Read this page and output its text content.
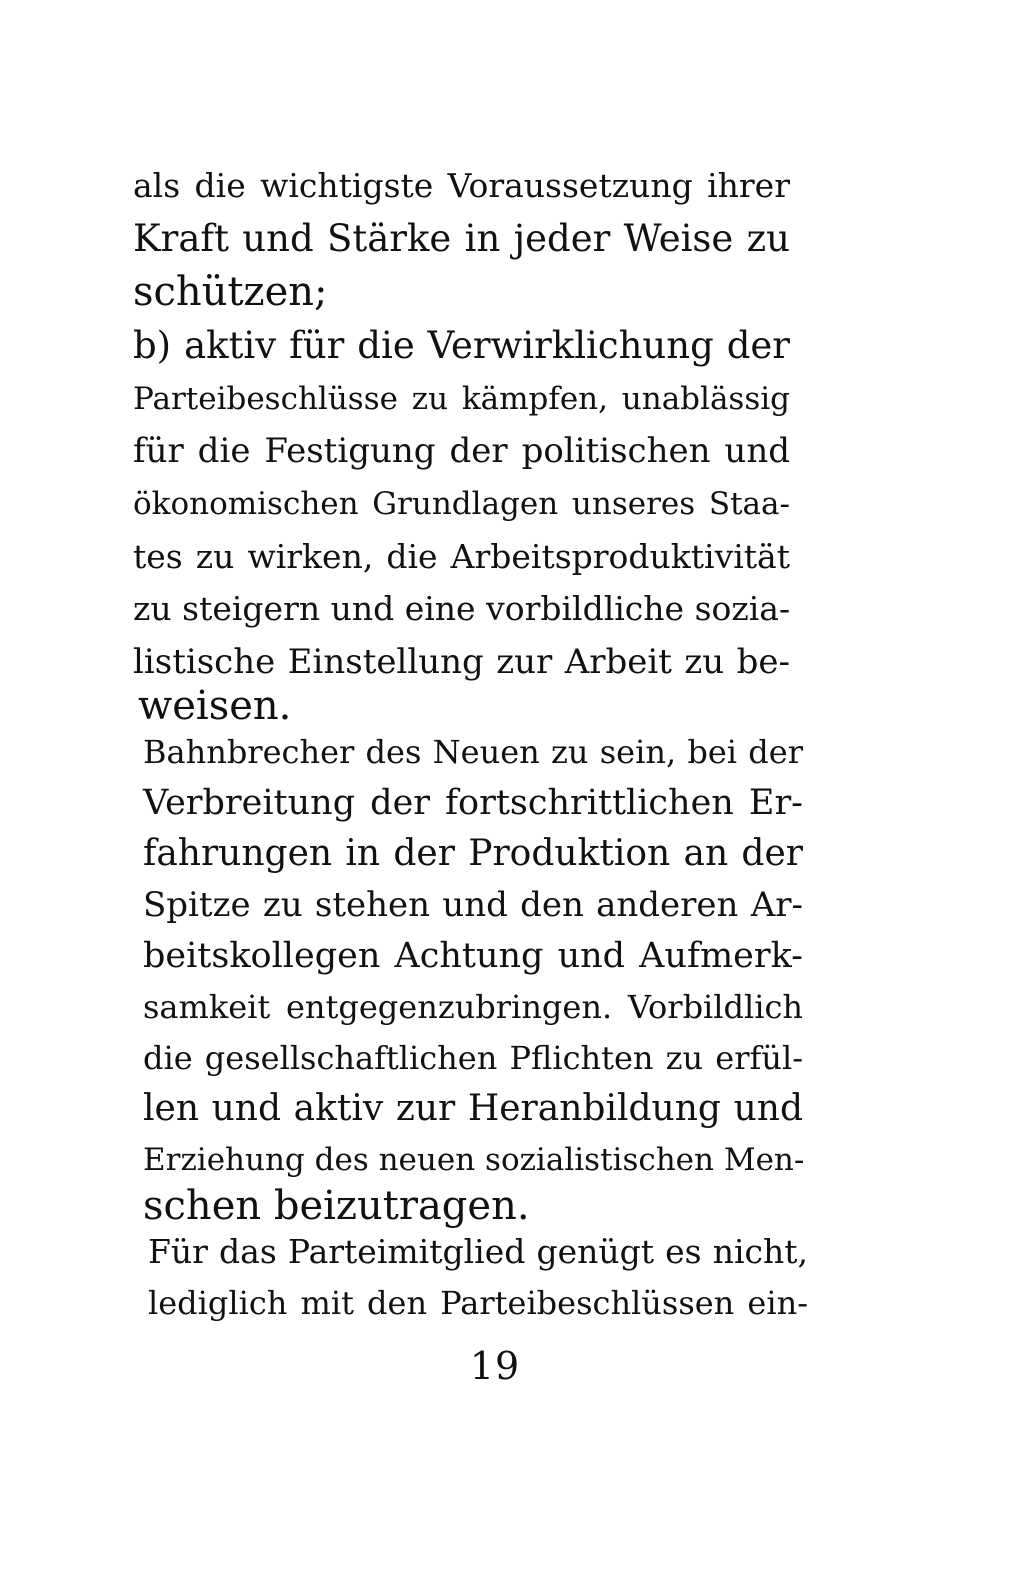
als die wichtigste Voraussetzung ihrer
Kraft und Stärke in jeder Weise zu
schützen;
b) aktiv für die Verwirklichung der
Parteibeschlüsse zu kämpfen, unablässig
für die Festigung der politischen und
ökonomischen Grundlagen unseres Staa-
tes zu wirken, die Arbeitsproduktivität
zu steigern und eine vorbildliche sozia-
listische Einstellung zur Arbeit zu be-
weisen.
Bahnbrecher des Neuen zu sein, bei der
Verbreitung der fortschrittlichen Er-
fahrungen in der Produktion an der
Spitze zu stehen und den anderen Ar-
beitskollegen Achtung und Aufmerk-
samkeit entgegenzubringen. Vorbildlich
die gesellschaftlichen Pflichten zu erfül-
len und aktiv zur Heranbildung und
Erziehung des neuen sozialistischen Men-
schen beizutragen.
Für das Parteimitglied genügt es nicht,
lediglich mit den Parteibeschlüssen ein-
19
